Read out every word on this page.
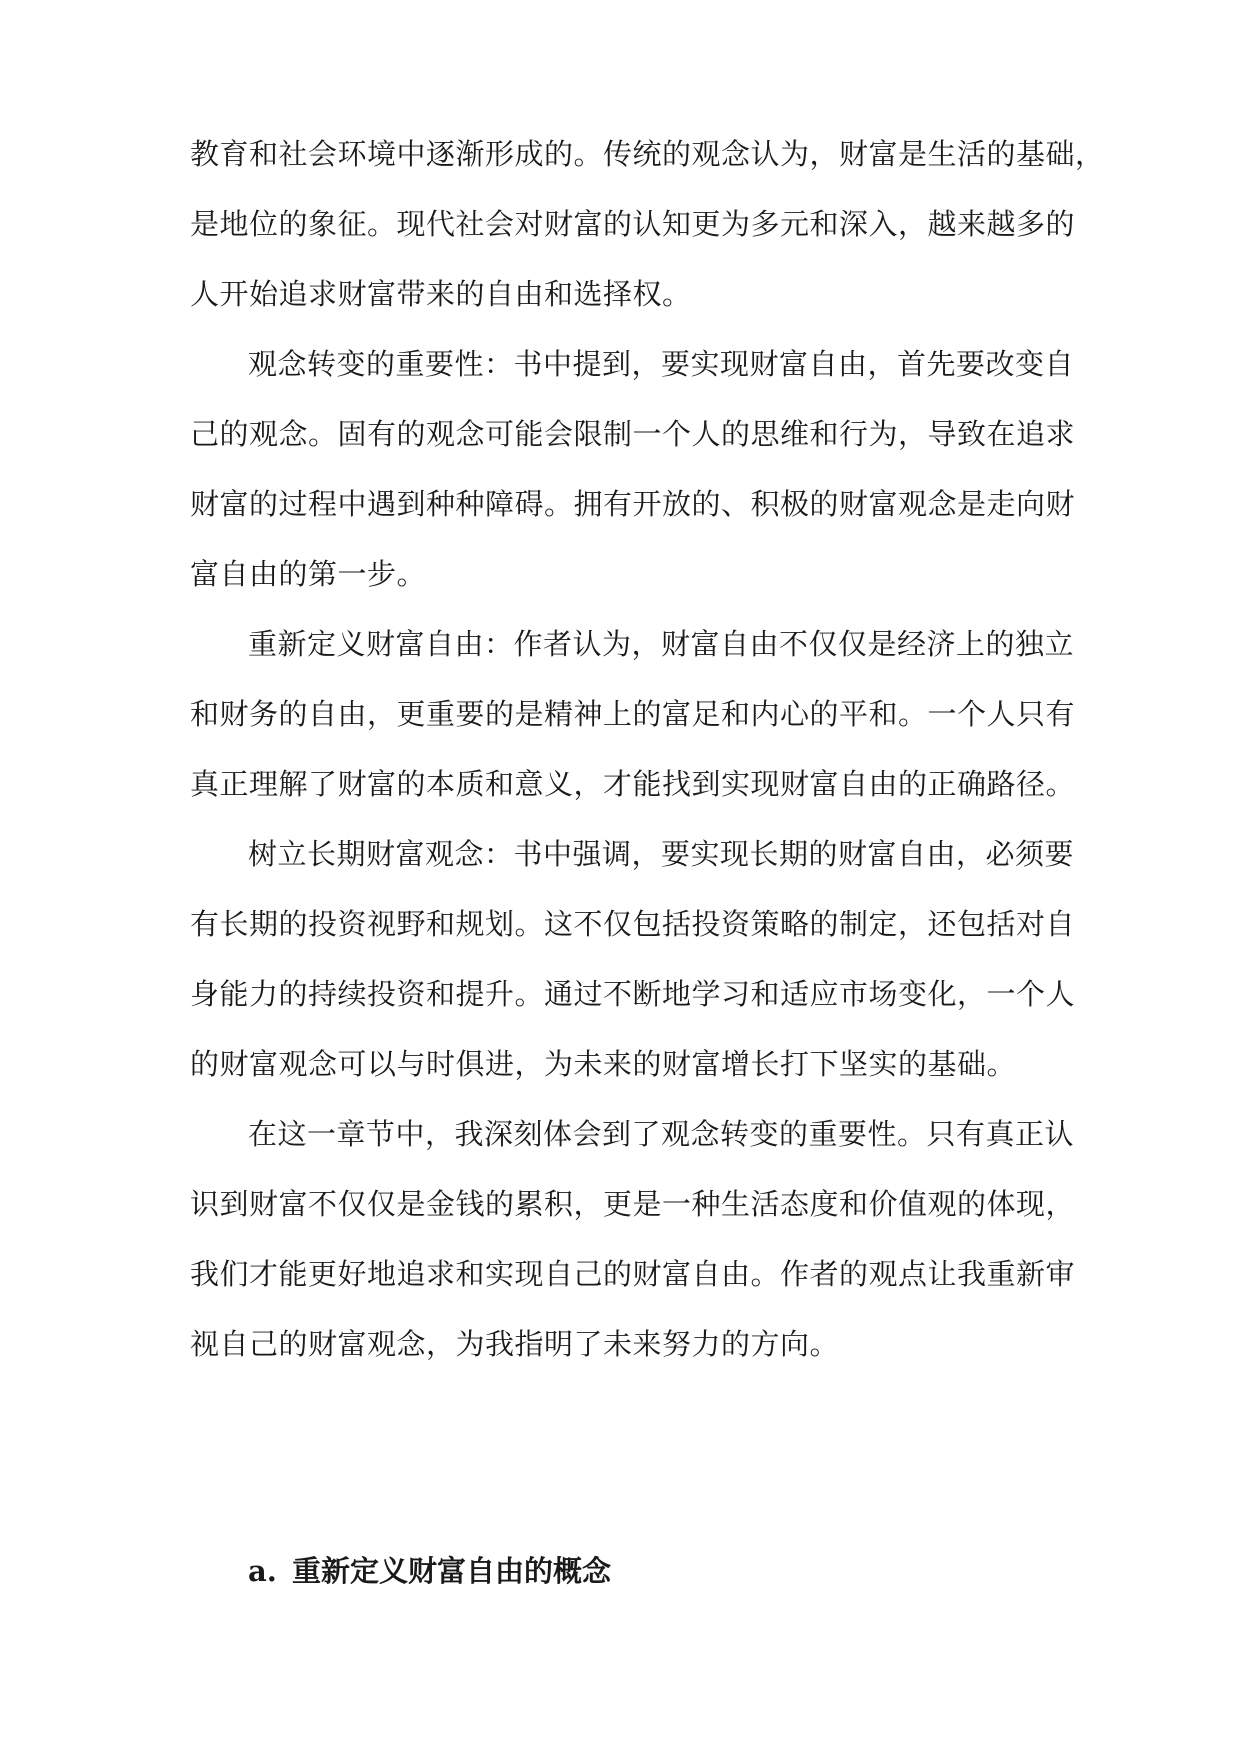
教育和社会环境中逐渐形成的。传统的观念认为，财富是生活的基础，
是地位的象征。现代社会对财富的认知更为多元和深入，越来越多的
人开始追求财富带来的自由和选择权。
观念转变的重要性：书中提到，要实现财富自由，首先要改变自
己的观念。固有的观念可能会限制一个人的思维和行为，导致在追求
财富的过程中遇到种种障碍。拥有开放的、积极的财富观念是走向财
富自由的第一步。
重新定义财富自由：作者认为，财富自由不仅仅是经济上的独立
和财务的自由，更重要的是精神上的富足和内心的平和。一个人只有
真正理解了财富的本质和意义，才能找到实现财富自由的正确路径。
树立长期财富观念：书中强调，要实现长期的财富自由，必须要
有长期的投资视野和规划。这不仅包括投资策略的制定，还包括对自
身能力的持续投资和提升。通过不断地学习和适应市场变化，一个人
的财富观念可以与时俱进，为未来的财富增长打下坚实的基础。
在这一章节中，我深刻体会到了观念转变的重要性。只有真正认
识到财富不仅仅是金钱的累积，更是一种生活态度和价值观的体现，
我们才能更好地追求和实现自己的财富自由。作者的观点让我重新审
视自己的财富观念，为我指明了未来努力的方向。
a. 重新定义财富自由的概念
